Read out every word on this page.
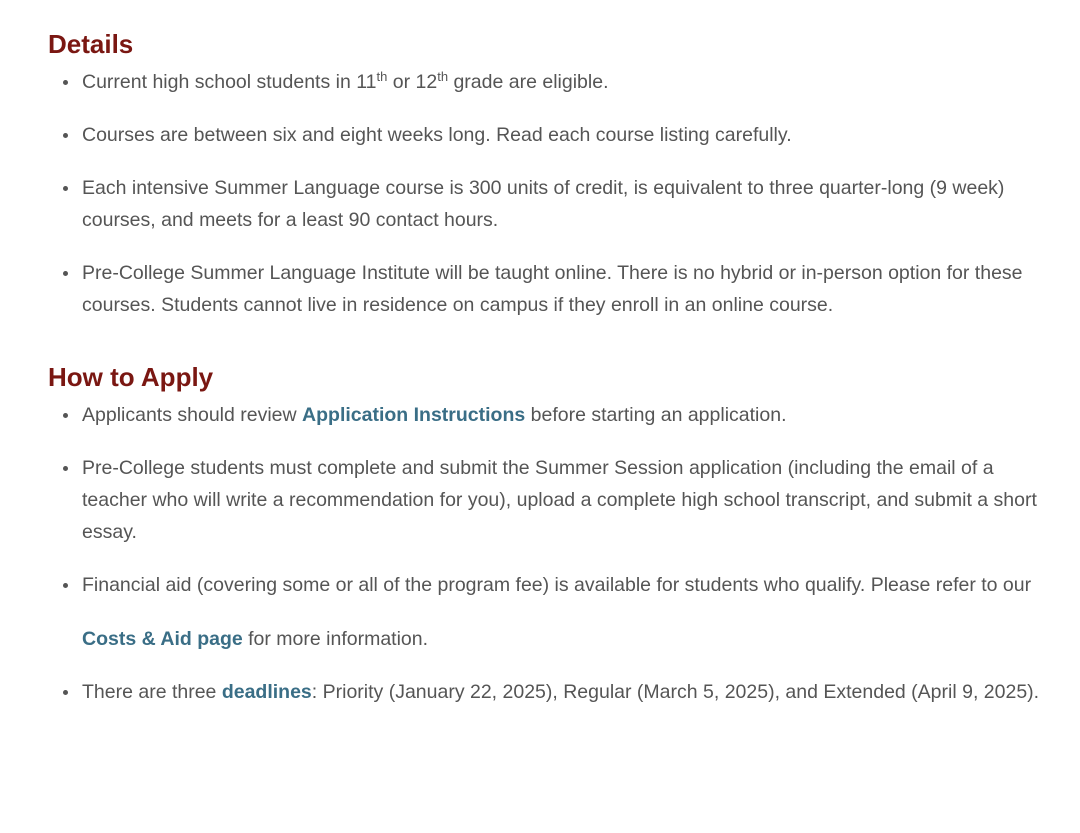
Details
Current high school students in 11th or 12th grade are eligible.
Courses are between six and eight weeks long. Read each course listing carefully.
Each intensive Summer Language course is 300 units of credit, is equivalent to three quarter-long (9 week) courses, and meets for a least 90 contact hours.
Pre-College Summer Language Institute will be taught online. There is no hybrid or in-person option for these courses. Students cannot live in residence on campus if they enroll in an online course.
How to Apply
Applicants should review Application Instructions before starting an application.
Pre-College students must complete and submit the Summer Session application (including the email of a teacher who will write a recommendation for you), upload a complete high school transcript, and submit a short essay.
Financial aid (covering some or all of the program fee) is available for students who qualify. Please refer to our
Costs & Aid page for more information.
There are three deadlines: Priority (January 22, 2025), Regular (March 5, 2025), and Extended (April 9, 2025).
